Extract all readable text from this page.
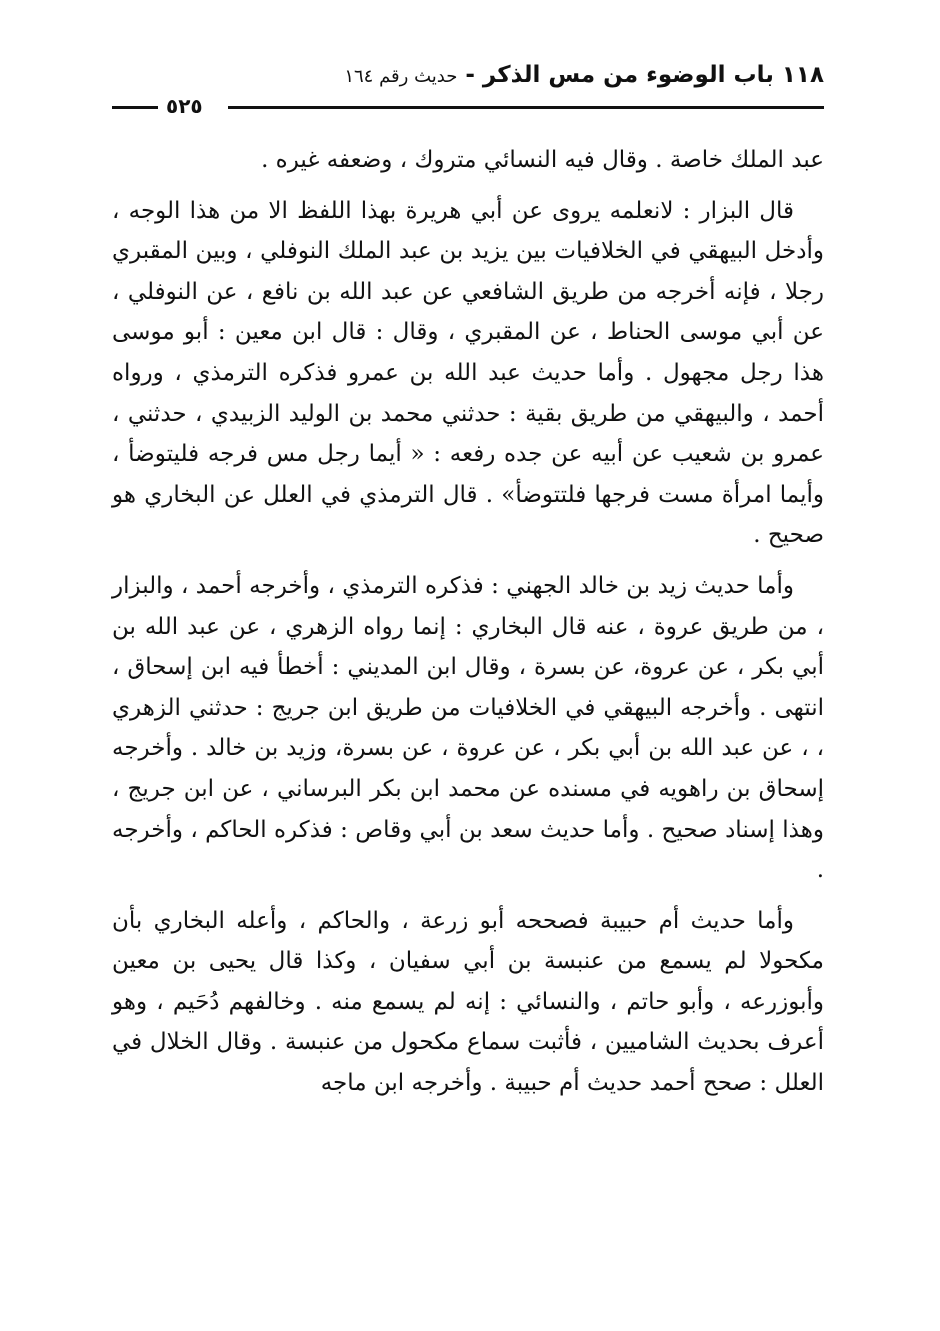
١١٨ باب الوضوء من مس الذكر - حديث رقم ١٦٤
٥٢٥

عبد الملك خاصة . وقال فيه النسائي متروك ، وضعفه غيره .

قال البزار : لانعلمه يروى عن أبي هريرة بهذا اللفظ الا من هذا الوجه ، وأدخل البيهقي في الخلافيات بين يزيد بن عبد الملك النوفلي ، وبين المقبري رجلا ، فإنه أخرجه من طريق الشافعي عن عبد الله بن نافع ، عن النوفلي ، عن أبي موسى الحناط ، عن المقبري ، وقال : قال ابن معين : أبو موسى هذا رجل مجهول . وأما حديث عبد الله بن عمرو فذكره الترمذي ، ورواه أحمد ، والبيهقي من طريق بقية : حدثني محمد بن الوليد الزبيدي ، حدثني ، عمرو بن شعيب عن أبيه عن جده رفعه : « أيما رجل مس فرجه فليتوضأ ، وأيما امرأة مست فرجها فلتتوضأ» . قال الترمذي في العلل عن البخاري هو صحيح .

وأما حديث زيد بن خالد الجهني : فذكره الترمذي ، وأخرجه أحمد ، والبزار ، من طريق عروة ، عنه قال البخاري : إنما رواه الزهري ، عن عبد الله بن أبي بكر ، عن عروة، عن بسرة ، وقال ابن المديني : أخطأ فيه ابن إسحاق ، انتهى . وأخرجه البيهقي في الخلافيات من طريق ابن جريج : حدثني الزهري ، ، عن عبد الله بن أبي بكر ، عن عروة ، عن بسرة، وزيد بن خالد . وأخرجه إسحاق بن راهويه في مسنده عن محمد ابن بكر البرساني ، عن ابن جريج ، وهذا إسناد صحيح . وأما حديث سعد بن أبي وقاص : فذكره الحاكم ، وأخرجه .

وأما حديث أم حبيبة فصححه أبو زرعة ، والحاكم ، وأعله البخاري بأن مكحولا لم يسمع من عنبسة بن أبي سفيان ، وكذا قال يحيى بن معين وأبوزرعه ، وأبو حاتم ، والنسائي : إنه لم يسمع منه . وخالفهم دُحَيم ، وهو أعرف بحديث الشاميين ، فأثبت سماع مكحول من عنبسة . وقال الخلال في العلل : صحح أحمد حديث أم حبيبة . وأخرجه ابن ماجه
